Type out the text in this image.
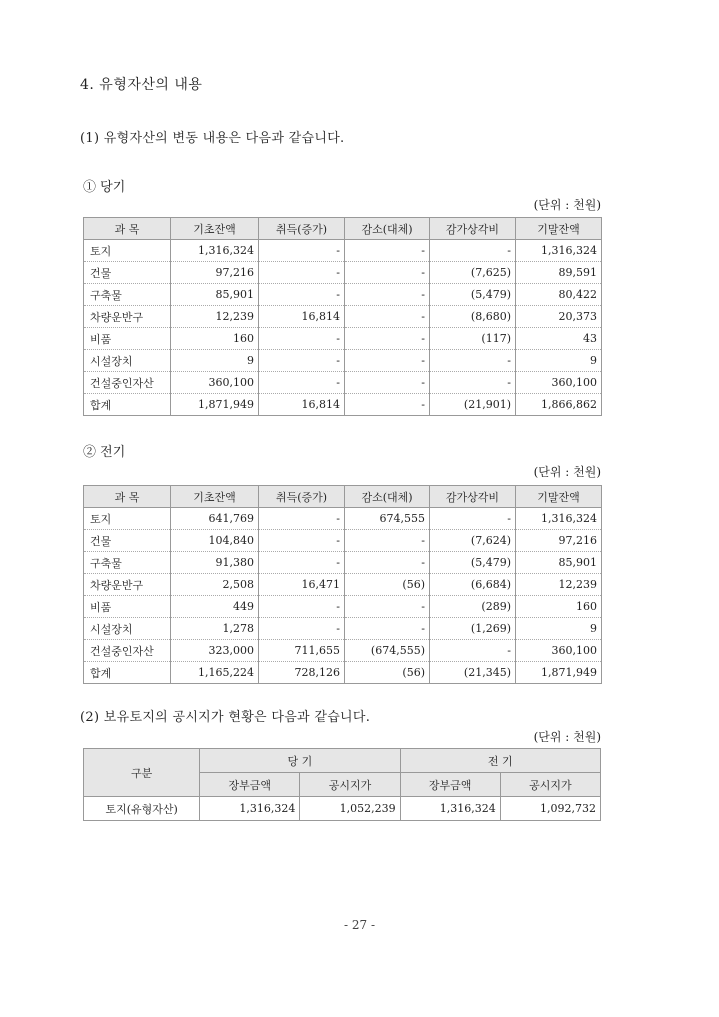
4. 유형자산의 내용
(1) 유형자산의 변동 내용은 다음과 같습니다.
① 당기
(단위 : 천원)
과 목	기초잔액	취득(증가)	감소(대체)	감가상각비	기말잔액
토지	1,316,324	-	-	-	1,316,324
건물	97,216	-	-	(7,625)	89,591
구축물	85,901	-	-	(5,479)	80,422
차량운반구	12,239	16,814	-	(8,680)	20,373
비품	160	-	-	(117)	43
시설장치	9	-	-	-	9
건설중인자산	360,100	-	-	-	360,100
합계	1,871,949	16,814	-	(21,901)	1,866,862
② 전기
(단위 : 천원)
과 목	기초잔액	취득(증가)	감소(대체)	감가상각비	기말잔액
토지	641,769	-	674,555	-	1,316,324
건물	104,840	-	-	(7,624)	97,216
구축물	91,380	-	-	(5,479)	85,901
차량운반구	2,508	16,471	(56)	(6,684)	12,239
비품	449	-	-	(289)	160
시설장치	1,278	-	-	(1,269)	9
건설중인자산	323,000	711,655	(674,555)	-	360,100
합계	1,165,224	728,126	(56)	(21,345)	1,871,949
(2) 보유토지의 공시지가 현황은 다음과 같습니다.
(단위 : 천원)
구분	당 기		전 기	
	장부금액	공시지가	장부금액	공시지가
토지(유형자산)	1,316,324	1,052,239	1,316,324	1,092,732
- 27 -
